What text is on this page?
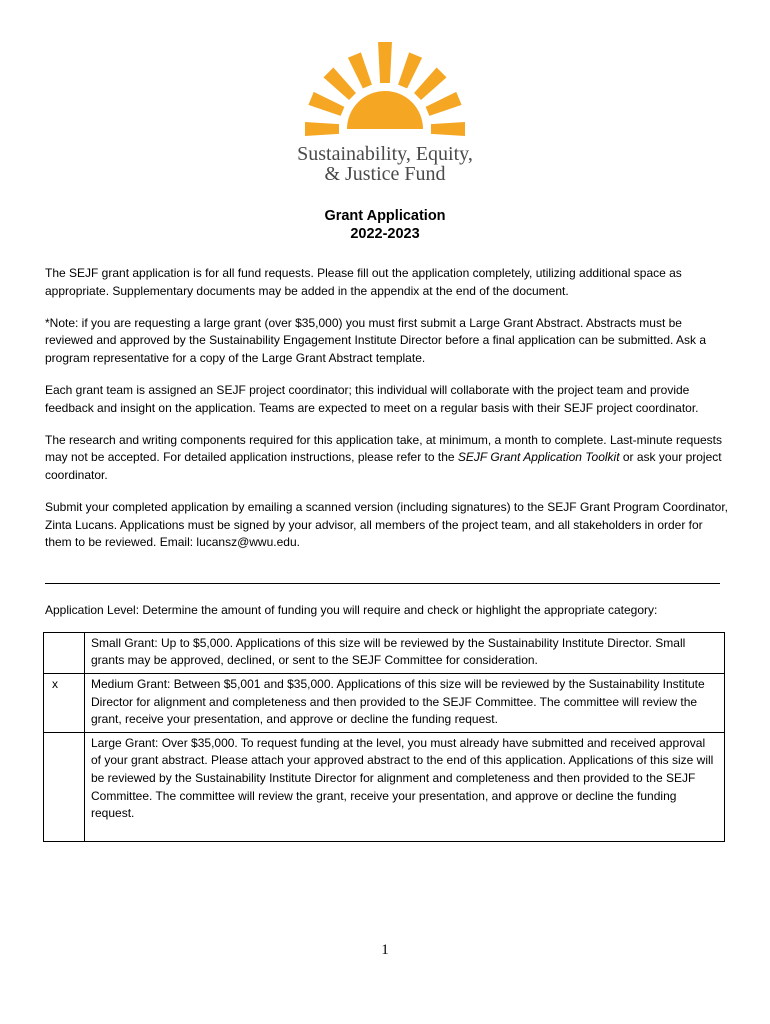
Sustainability, Equity,
& Justice Fund
Grant Application
2022-2023

The SEJF grant application is for all fund requests. Please fill out the application completely, utilizing additional space as appropriate. Supplementary documents may be added in the appendix at the end of the document.

*Note: if you are requesting a large grant (over $35,000) you must first submit a Large Grant Abstract. Abstracts must be reviewed and approved by the Sustainability Engagement Institute Director before a final application can be submitted. Ask a program representative for a copy of the Large Grant Abstract template.

Each grant team is assigned an SEJF project coordinator; this individual will collaborate with the project team and provide feedback and insight on the application. Teams are expected to meet on a regular basis with their SEJF project coordinator.

The research and writing components required for this application take, at minimum, a month to complete. Last-minute requests may not be accepted. For detailed application instructions, please refer to the SEJF Grant Application Toolkit or ask your project coordinator.

Submit your completed application by emailing a scanned version (including signatures) to the SEJF Grant Program Coordinator, Zinta Lucans. Applications must be signed by your advisor, all members of the project team, and all stakeholders in order for them to be reviewed. Email: lucansz@wwu.edu.

Application Level: Determine the amount of funding you will require and check or highlight the appropriate category:

	Small Grant: Up to $5,000. Applications of this size will be reviewed by the Sustainability Institute Director. Small grants may be approved, declined, or sent to the SEJF Committee for consideration.
x	Medium Grant: Between $5,001 and $35,000. Applications of this size will be reviewed by the Sustainability Institute Director for alignment and completeness and then provided to the SEJF Committee. The committee will review the grant, receive your presentation, and approve or decline the funding request.
	Large Grant: Over $35,000. To request funding at the level, you must already have submitted and received approval of your grant abstract. Please attach your approved abstract to the end of this application. Applications of this size will be reviewed by the Sustainability Institute Director for alignment and completeness and then provided to the SEJF Committee. The committee will review the grant, receive your presentation, and approve or decline the funding request.
1
